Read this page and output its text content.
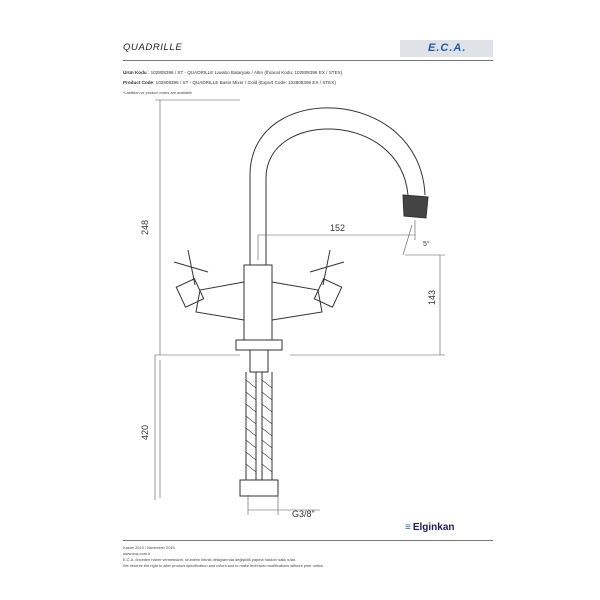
QUADRILLE	E.C.A.
Ürün Kodu : 102808396 / ST - QUADRILLE Lavabo Bataryası / Altın (İhracat Kodu: 102808396 EX / STEX)
Product Code: 102808396 / ST - QUADRILLE Basin Mixer / Gold (Export Code: 102808396 EX / STEX)
*Lastikleri ve product codes are available
248	152
5°
143
420
G3/8"
Kasım 2015 / November 2015
www.eca.com.tr
E.C.A. önceden haber vermeksizin, ürünlerin teknik detaylarında değişiklik yapma hakkını saklı tutar.
We reserve the right to alter product specification and colors and to make technical modifications without prior notice.
≡ Elginkan
